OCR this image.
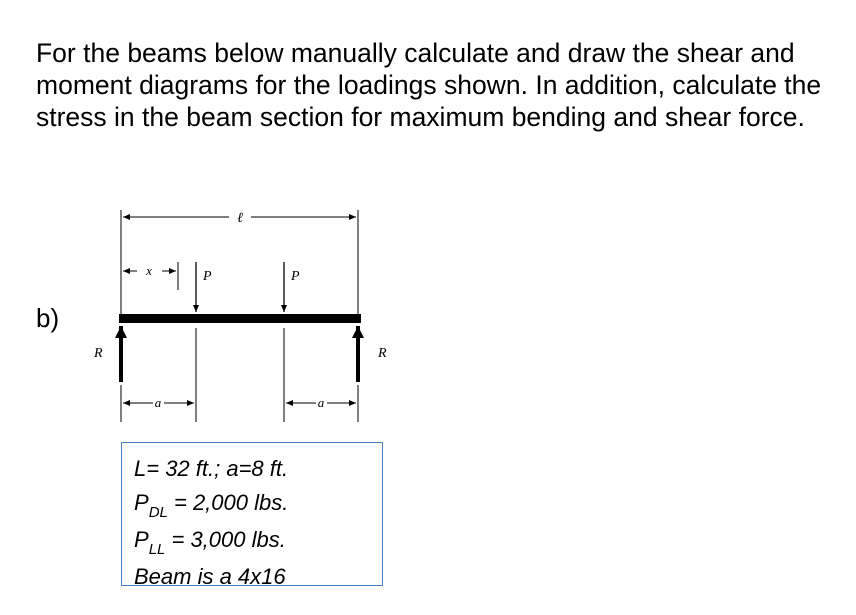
For the beams below manually calculate and draw the shear and moment diagrams for the loadings shown. In addition, calculate the stress in the beam section for maximum bending and shear force.
b)
ℓ
x	P	P
R	R
a	a
L= 32 ft.; a=8 ft.
$P_{DL} = 2,000$ lbs.
$P_{LL} = 3,000$ lbs.
Beam is a 4x16
